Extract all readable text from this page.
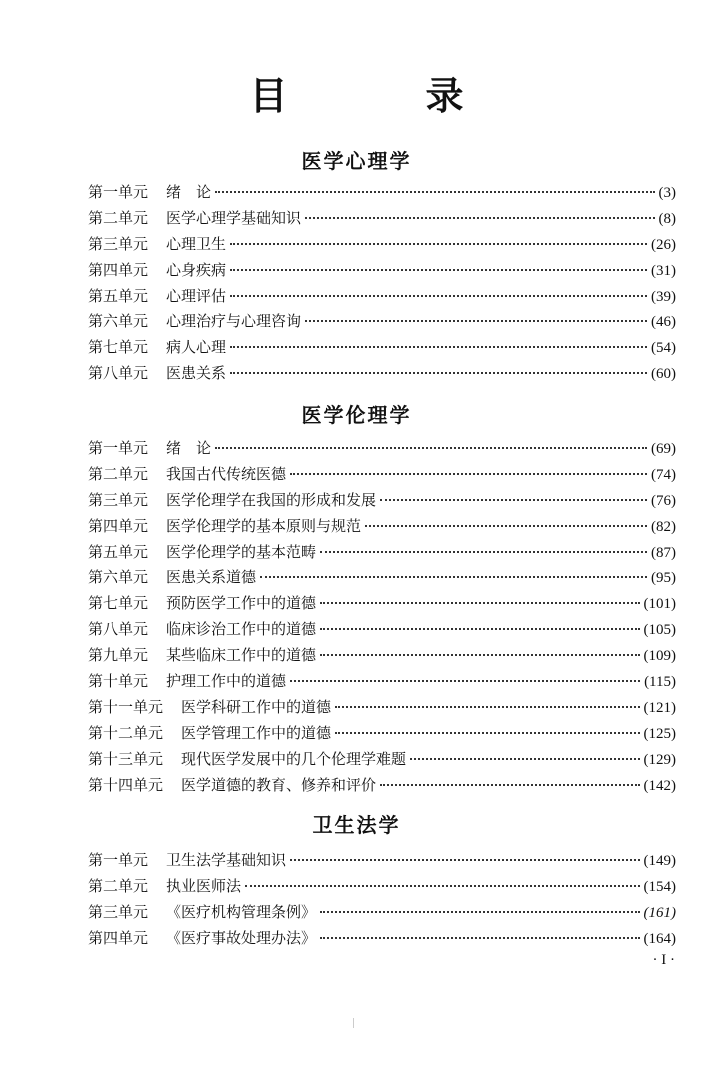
目　录
医学心理学
第一单元	绪　论	(3)
第二单元	医学心理学基础知识	(8)
第三单元	心理卫生	(26)
第四单元	心身疾病	(31)
第五单元	心理评估	(39)
第六单元	心理治疗与心理咨询	(46)
第七单元	病人心理	(54)
第八单元	医患关系	(60)
医学伦理学
第一单元	绪　论	(69)
第二单元	我国古代传统医德	(74)
第三单元	医学伦理学在我国的形成和发展	(76)
第四单元	医学伦理学的基本原则与规范	(82)
第五单元	医学伦理学的基本范畴	(87)
第六单元	医患关系道德	(95)
第七单元	预防医学工作中的道德	(101)
第八单元	临床诊治工作中的道德	(105)
第九单元	某些临床工作中的道德	(109)
第十单元	护理工作中的道德	(115)
第十一单元	医学科研工作中的道德	(121)
第十二单元	医学管理工作中的道德	(125)
第十三单元	现代医学发展中的几个伦理学难题	(129)
第十四单元	医学道德的教育、修养和评价	(142)
卫生法学
第一单元	卫生法学基础知识	(149)
第二单元	执业医师法	(154)
第三单元	《医疗机构管理条例》	(161)
第四单元	《医疗事故处理办法》	(164)
· I ·
